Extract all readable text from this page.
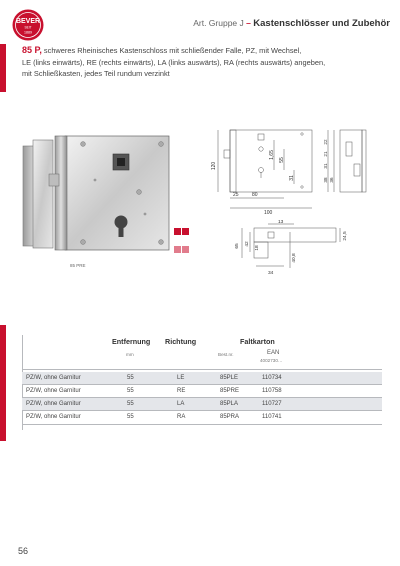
BEVER
SEIT
1889
Art. Gruppe J – Kastenschlösser und Zubehör
85 P, schweres Rheinisches Kastenschloss mit schließender Falle, PZ, mit Wechsel,
LE (links einwärts), RE (rechts einwärts), LA (links auswärts), RA (rechts auswärts) angeben,
mit Schließkasten, jedes Teil rundum verzinkt
85 PRE

120
1,65
55
31
25	80
100
22
21
31
38 36
13
24,5
65 42
18
34
40,8
Entfernung Richtung	Faltkarton
mm	Best.nr.	EAN
4002730…
PZ/W, ohne Garnitur	55	LE	85PLE	110734
PZ/W, ohne Garnitur	55	RE	85PRE	110758
PZ/W, ohne Garnitur	55	LA	85PLA	110727
PZ/W, ohne Garnitur	55	RA	85PRA	110741
56
